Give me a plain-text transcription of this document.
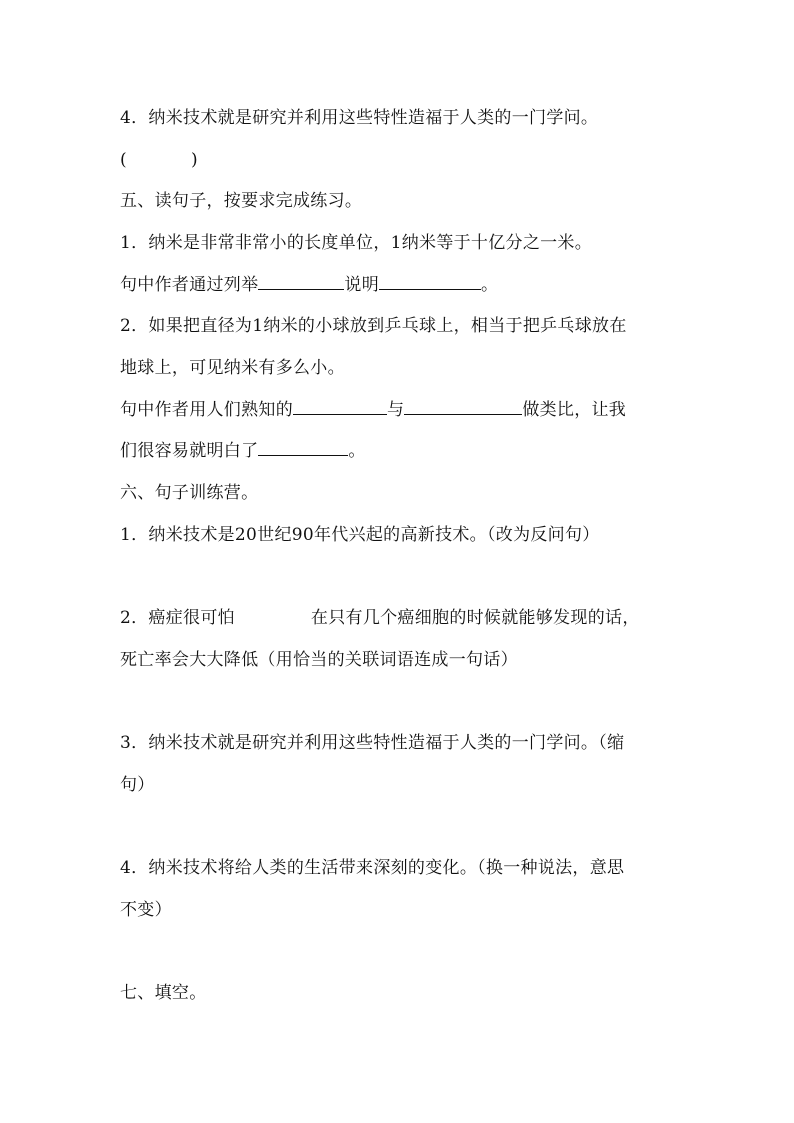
4．纳米技术就是研究并利用这些特性造福于人类的一门学问。
(	)
五、读句子，按要求完成练习。
1．纳米是非常非常小的长度单位，1纳米等于十亿分之一米。
句中作者通过列举	说明	。
2．如果把直径为1纳米的小球放到乒乓球上，相当于把乒乓球放在
地球上，可见纳米有多么小。
句中作者用人们熟知的	与	做类比，让我
们很容易就明白了	。
六、句子训练营。
1．纳米技术是20世纪90年代兴起的高新技术。（改为反问句）
2．癌症很可怕	在只有几个癌细胞的时候就能够发现的话，
死亡率会大大降低（用恰当的关联词语连成一句话）
3．纳米技术就是研究并利用这些特性造福于人类的一门学问。（缩
句）
4．纳米技术将给人类的生活带来深刻的变化。（换一种说法，意思
不变）
七、填空。
